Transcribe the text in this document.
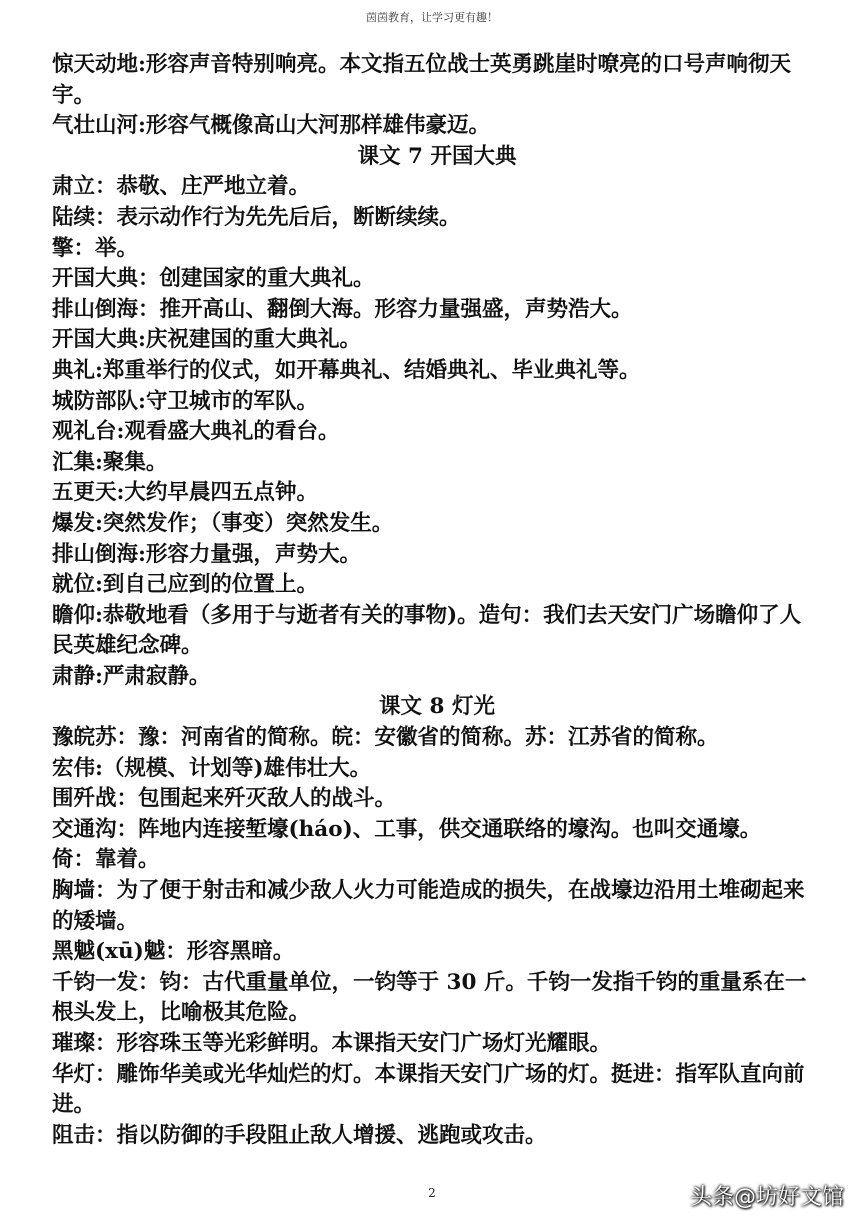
茵茵教育，让学习更有趣！

惊天动地:形容声音特别响亮。本文指五位战士英勇跳崖时嘹亮的口号声响彻天宇。

气壮山河:形容气概像高山大河那样雄伟豪迈。

课文 7 开国大典

肃立：恭敬、庄严地立着。

陆续：表示动作行为先先后后，断断续续。

擎：举。

开国大典：创建国家的重大典礼。

排山倒海：推开高山、翻倒大海。形容力量强盛，声势浩大。

开国大典:庆祝建国的重大典礼。

典礼:郑重举行的仪式，如开幕典礼、结婚典礼、毕业典礼等。

城防部队:守卫城市的军队。

观礼台:观看盛大典礼的看台。

汇集:聚集。

五更天:大约早晨四五点钟。

爆发:突然发作；（事变）突然发生。

排山倒海:形容力量强，声势大。

就位:到自己应到的位置上。

瞻仰:恭敬地看（多用于与逝者有关的事物)。造句：我们去天安门广场瞻仰了人民英雄纪念碑。

肃静:严肃寂静。

课文 8 灯光

豫皖苏：豫：河南省的简称。皖：安徽省的简称。苏：江苏省的简称。

宏伟:（规模、计划等)雄伟壮大。

围歼战：包围起来歼灭敌人的战斗。

交通沟：阵地内连接堑壕(háo)、工事，供交通联络的壕沟。也叫交通壕。

倚：靠着。

胸墙：为了便于射击和减少敌人火力可能造成的损失，在战壕边沿用土堆砌起来的矮墙。

黑魆(xū)魆：形容黑暗。

千钧一发：钧：古代重量单位，一钧等于 30 斤。千钧一发指千钧的重量系在一根头发上，比喻极其危险。

璀璨：形容珠玉等光彩鲜明。本课指天安门广场灯光耀眼。

华灯：雕饰华美或光华灿烂的灯。本课指天安门广场的灯。挺进：指军队直向前进。

阻击：指以防御的手段阻止敌人增援、逃跑或攻击。

2	头条@坊好文馆
